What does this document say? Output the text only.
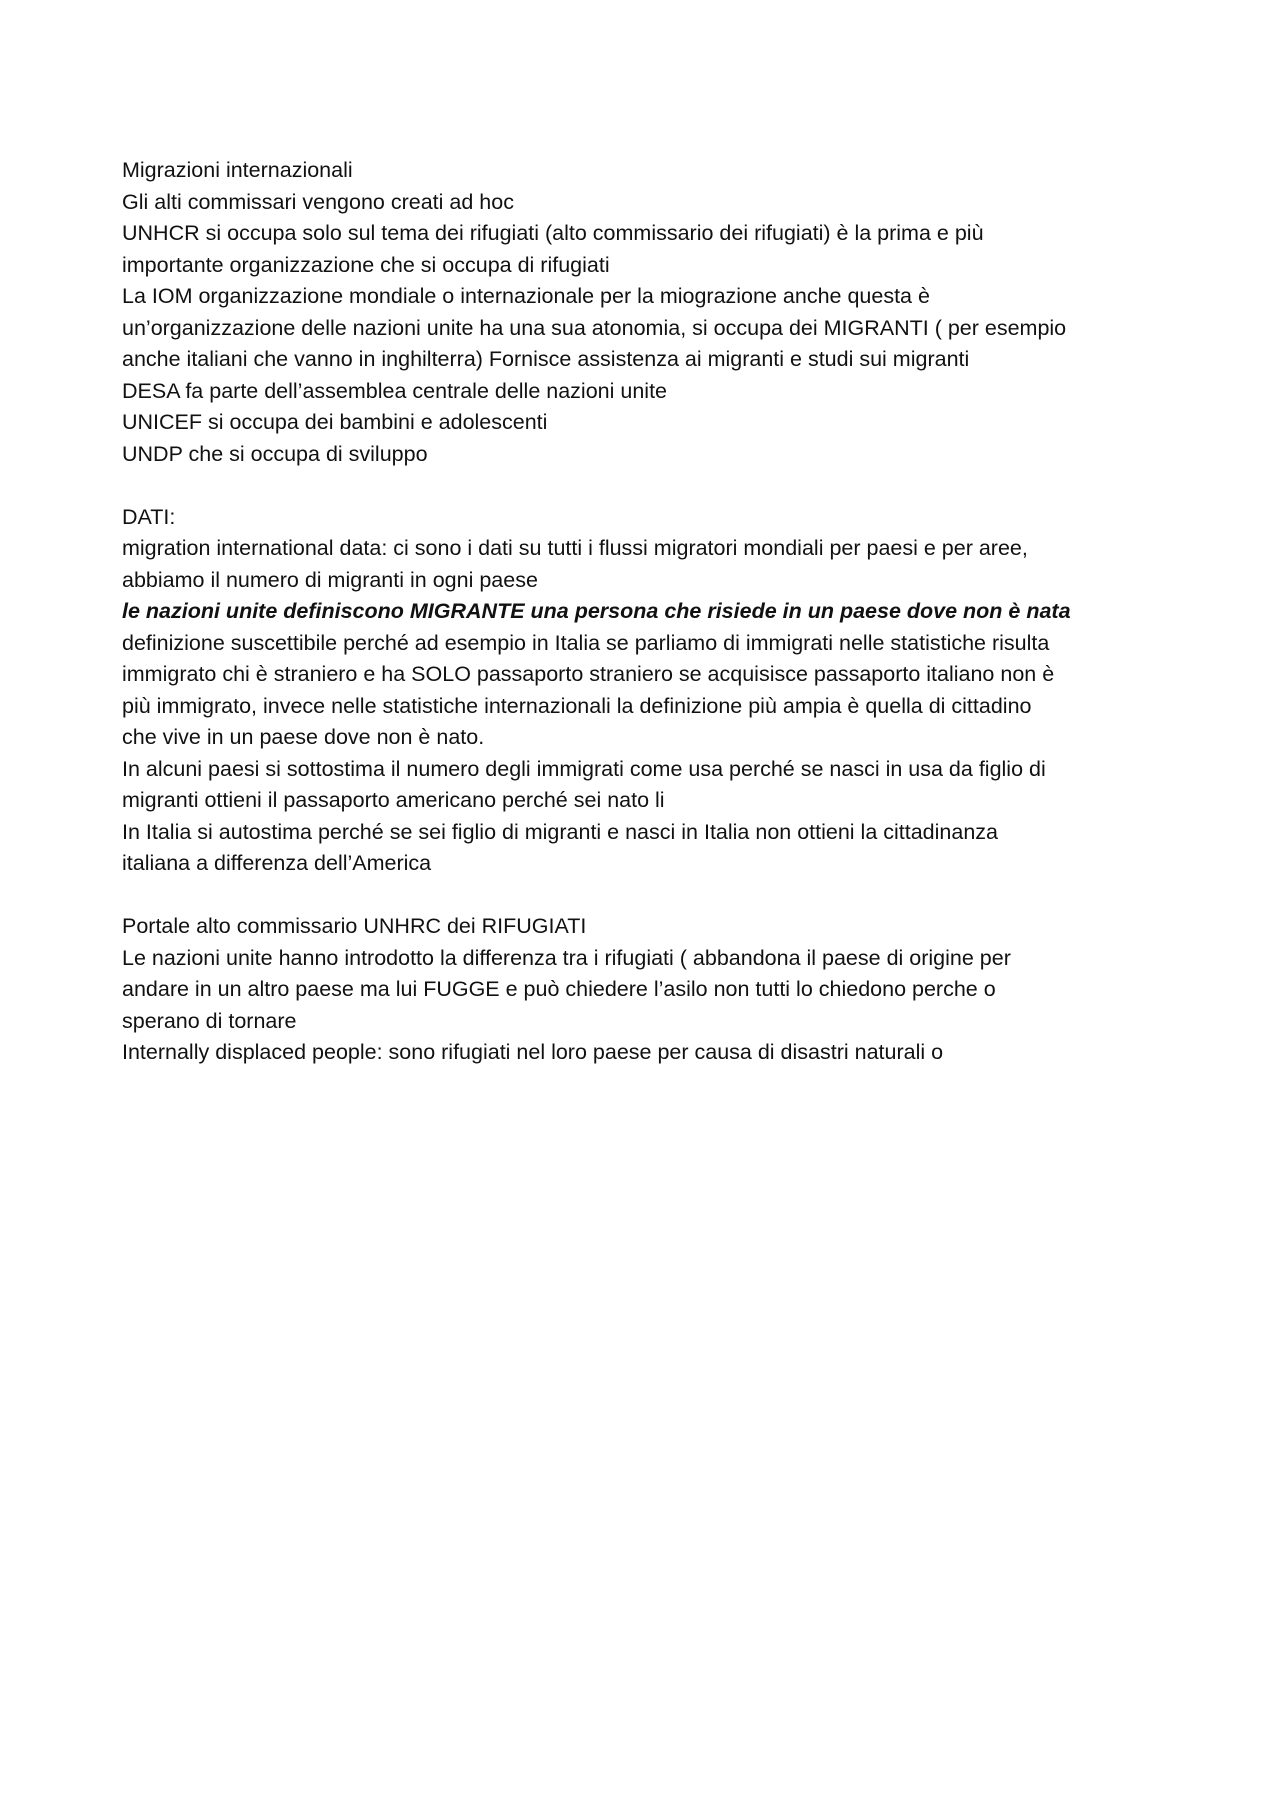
Migrazioni internazionali
Gli alti commissari vengono creati ad hoc
UNHCR si occupa solo sul tema dei rifugiati (alto commissario dei rifugiati) è la prima e più
importante organizzazione che si occupa di rifugiati
La IOM organizzazione mondiale o internazionale per la miograzione anche questa è
un’organizzazione delle nazioni unite ha una sua atonomia, si occupa dei MIGRANTI ( per esempio
anche italiani che vanno in inghilterra) Fornisce assistenza ai migranti e studi sui migranti
DESA fa parte dell’assemblea centrale delle nazioni unite
UNICEF si occupa dei bambini e adolescenti
UNDP che si occupa di sviluppo
DATI:
migration international data: ci sono i dati su tutti i flussi migratori mondiali per paesi e per aree,
abbiamo il numero di migranti in ogni paese
le nazioni unite definiscono MIGRANTE una persona che risiede in un paese dove non è nata
definizione suscettibile perché ad esempio in Italia se parliamo di immigrati nelle statistiche risulta
immigrato chi è straniero e ha SOLO passaporto straniero se acquisisce passaporto italiano non è
più immigrato, invece nelle statistiche internazionali la definizione più ampia è quella di cittadino
che vive in un paese dove non è nato.
In alcuni paesi si sottostima il numero degli immigrati come usa perché se nasci in usa da figlio di
migranti ottieni il passaporto americano perché sei nato li
In Italia si autostima perché se sei figlio di migranti e nasci in Italia non ottieni la cittadinanza
italiana a differenza dell’America
Portale alto commissario UNHRC dei RIFUGIATI
Le nazioni unite hanno introdotto la differenza tra i rifugiati ( abbandona il paese di origine per
andare in un altro paese ma lui FUGGE e può chiedere l’asilo non tutti lo chiedono perche o
sperano di tornare
Internally displaced people: sono rifugiati nel loro paese per causa di disastri naturali o
